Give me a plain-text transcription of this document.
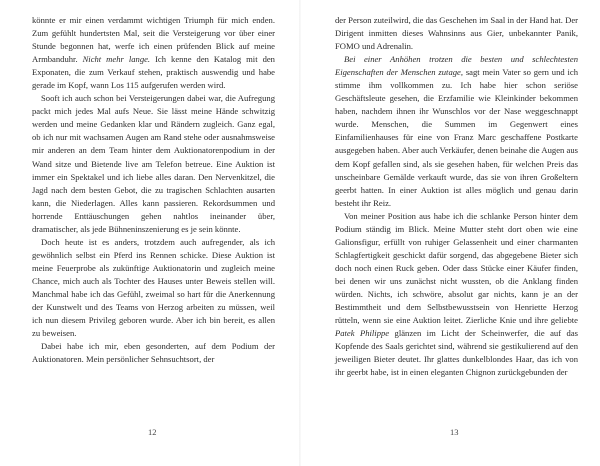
könnte er mir einen verdammt wichtigen Triumph für mich enden. Zum gefühlt hundertsten Mal, seit die Versteigerung vor über einer Stunde begonnen hat, werfe ich einen prüfenden Blick auf meine Armbanduhr. Nicht mehr lange. Ich kenne den Katalog mit den Exponaten, die zum Verkauf stehen, praktisch auswendig und habe gerade im Kopf, wann Los 115 aufgerufen werden wird.

Sooft ich auch schon bei Versteigerungen dabei war, die Aufregung packt mich jedes Mal aufs Neue. Sie lässt meine Hände schwitzig werden und meine Gedanken klar und Rändern zugleich. Ganz egal, ob ich nur mit wachsamen Augen am Rand stehe oder ausnahmsweise mir anderen an dem Team hinter dem Auktionatorenpodium in der Wand sitze und Bietende live am Telefon betreue. Eine Auktion ist immer ein Spektakel und ich liebe alles daran. Den Nervenkitzel, die Jagd nach dem besten Gebot, die zu tragischen Schlachten ausarten kann, die Niederlagen. Alles kann passieren. Rekordsummen und horrende Enttäuschungen gehen nahtlos ineinander über, dramatischer, als jede Bühneninszenierung es je sein könnte.

Doch heute ist es anders, trotzdem auch aufregender, als ich gewöhnlich selbst ein Pferd ins Rennen schicke. Diese Auktion ist meine Feuerprobe als zukünftige Auktionatorin und zugleich meine Chance, mich auch als Tochter des Hauses unter Beweis stellen will. Manchmal habe ich das Gefühl, zweimal so hart für die Anerkennung der Kunstwelt und des Teams von Herzog arbeiten zu müssen, weil ich nun diesem Privileg geboren wurde. Aber ich bin bereit, es allen zu beweisen.

Dabei habe ich mir, eben gesonderten, auf dem Podium der Auktionatoren. Mein persönlicher Sehnsuchtsort, der

12

der Person zuteilwird, die das Geschehen im Saal in der Hand hat. Der Dirigent inmitten dieses Wahnsinns aus Gier, unbekannter Panik, FOMO und Adrenalin.

Bei einer Anhöhen trotzen die besten und schlechtesten Eigenschaften der Menschen zutage, sagt mein Vater so gern und ich stimme ihm vollkommen zu. Ich habe hier schon seriöse Geschäftsleute gesehen, die Erzfamilie wie Kleinkinder bekommen haben, nachdem ihnen ihr Wunschlos vor der Nase weggeschnappt wurde. Menschen, die Summen im Gegenwert eines Einfamilienhauses für eine von Franz Marc geschaffene Postkarte ausgegeben haben. Aber auch Verkäufer, denen beinahe die Augen aus dem Kopf gefallen sind, als sie gesehen haben, für welchen Preis das unscheinbare Gemälde verkauft wurde, das sie von ihren Großeltern geerbt hatten. In einer Auktion ist alles möglich und genau darin besteht ihr Reiz.

Von meiner Position aus habe ich die schlanke Person hinter dem Podium ständig im Blick. Meine Mutter steht dort oben wie eine Galionsfigur, erfüllt von ruhiger Gelassenheit und einer charmanten Schlagfertigkeit geschickt dafür sorgend, das abgegebene Bieter sich doch noch einen Ruck geben. Oder dass Stücke einer Käufer finden, bei denen wir uns zunächst nicht wussten, ob die Anklang finden würden. Nichts, ich schwöre, absolut gar nichts, kann je an der Bestimmtheit und dem Selbstbewusstsein von Henriette Herzog rütteln, wenn sie eine Auktion leitet. Zierliche Knie und ihre geliebte Patek Philippe glänzen im Licht der Scheinwerfer, die auf das Kopfende des Saals gerichtet sind, während sie gestikulierend auf den jeweiligen Bieter deutet. Ihr glattes dunkelblondes Haar, das ich von ihr geerbt habe, ist in einen eleganten Chignon zurückgebunden der

13
